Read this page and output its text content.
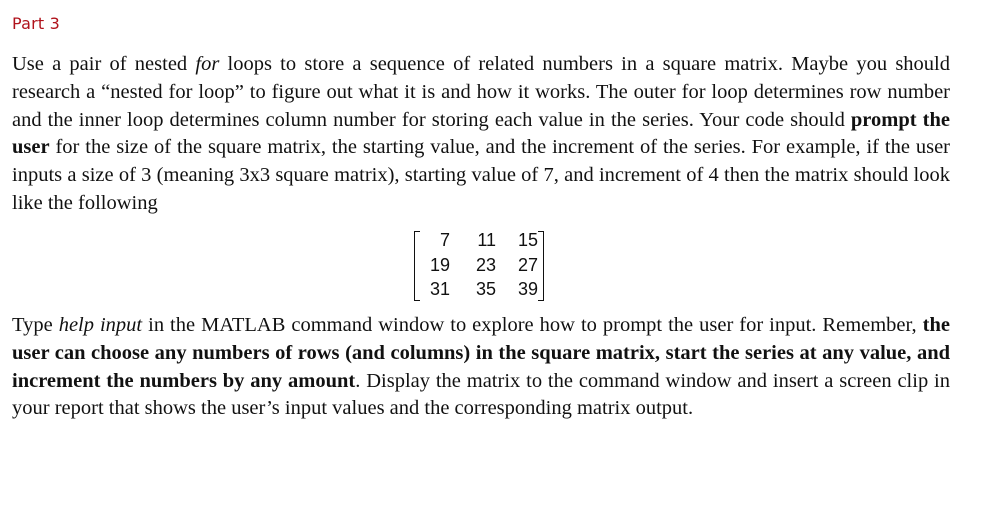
Part 3

Use a pair of nested for loops to store a sequence of related numbers in a square matrix. Maybe you should research a “nested for loop” to figure out what it is and how it works. The outer for loop determines row number and the inner loop determines column number for storing each value in the series. Your code should prompt the user for the size of the square matrix, the starting value, and the increment of the series. For example, if the user inputs a size of 3 (meaning 3x3 square matrix), starting value of 7, and increment of 4 then the matrix should look like the following

7	11	15
19	23	27
31	35	39

Type help input in the MATLAB command window to explore how to prompt the user for input. Remember, the user can choose any numbers of rows (and columns) in the square matrix, start the series at any value, and increment the numbers by any amount. Display the matrix to the command window and insert a screen clip in your report that shows the user’s input values and the corresponding matrix output.
